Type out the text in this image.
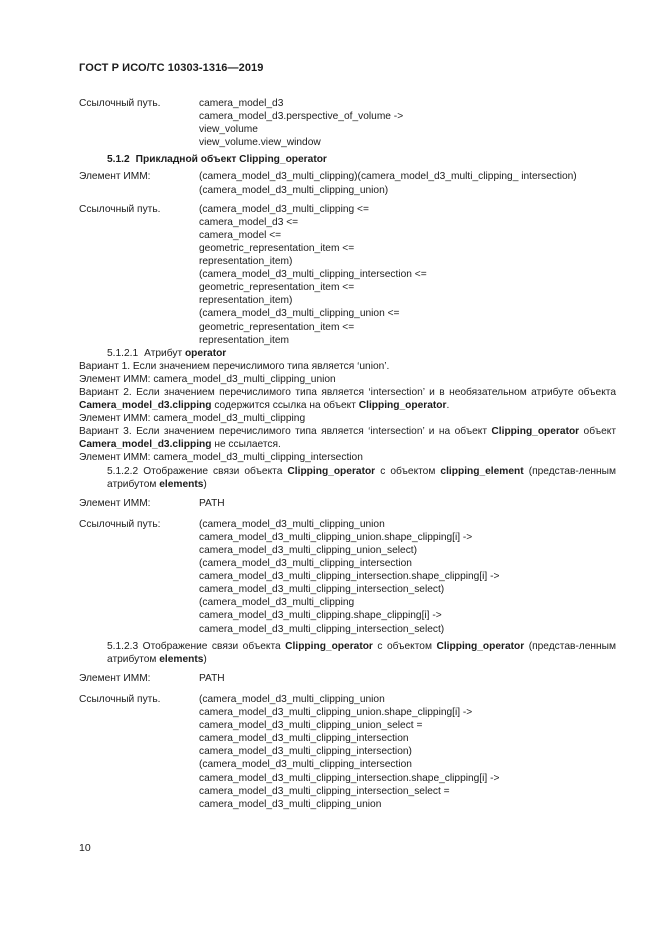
ГОСТ Р ИСО/ТС 10303-1316—2019
Ссылочный путь.	camera_model_d3
camera_model_d3.perspective_of_volume ->
view_volume
view_volume.view_window
5.1.2 Прикладной объект Clipping_operator
Элемент ИММ:	(camera_model_d3_multi_clipping)(camera_model_d3_multi_clipping_ intersection)
(camera_model_d3_multi_clipping_union)
Ссылочный путь.	(camera_model_d3_multi_clipping <=
camera_model_d3 <=
camera_model <=
geometric_representation_item <=
representation_item)
(camera_model_d3_multi_clipping_intersection <=
geometric_representation_item <=
representation_item)
(camera_model_d3_multi_clipping_union <=
geometric_representation_item <=
representation_item
5.1.2.1 Атрибут operator
Вариант 1. Если значением перечислимого типа является ‘union’.
Элемент ИММ: camera_model_d3_multi_clipping_union
Вариант 2. Если значением перечислимого типа является ‘intersection’ и в необязательном атрибуте объекта Camera_model_d3.clipping содержится ссылка на объект Clipping_operator.
Элемент ИММ: camera_model_d3_multi_clipping
Вариант 3. Если значением перечислимого типа является ‘intersection’ и на объект Clipping_operator объект Camera_model_d3.clipping не ссылается.
Элемент ИММ: camera_model_d3_multi_clipping_intersection
5.1.2.2 Отображение связи объекта Clipping_operator с объектом clipping_element (представ-ленным атрибутом elements)
Элемент ИММ:	PATH
Ссылочный путь:	(camera_model_d3_multi_clipping_union
camera_model_d3_multi_clipping_union.shape_clipping[i] ->
camera_model_d3_multi_clipping_union_select)
(camera_model_d3_multi_clipping_intersection
camera_model_d3_multi_clipping_intersection.shape_clipping[i] ->
camera_model_d3_multi_clipping_intersection_select)
(camera_model_d3_multi_clipping
camera_model_d3_multi_clipping.shape_clipping[i] ->
camera_model_d3_multi_clipping_intersection_select)
5.1.2.3 Отображение связи объекта Clipping_operator с объектом Clipping_operator (представ-ленным атрибутом elements)
Элемент ИММ:	PATH
Ссылочный путь.	(camera_model_d3_multi_clipping_union
camera_model_d3_multi_clipping_union.shape_clipping[i] ->
camera_model_d3_multi_clipping_union_select =
camera_model_d3_multi_clipping_intersection
camera_model_d3_multi_clipping_intersection)
(camera_model_d3_multi_clipping_intersection
camera_model_d3_multi_clipping_intersection.shape_clipping[i] ->
camera_model_d3_multi_clipping_intersection_select =
camera_model_d3_multi_clipping_union
10
